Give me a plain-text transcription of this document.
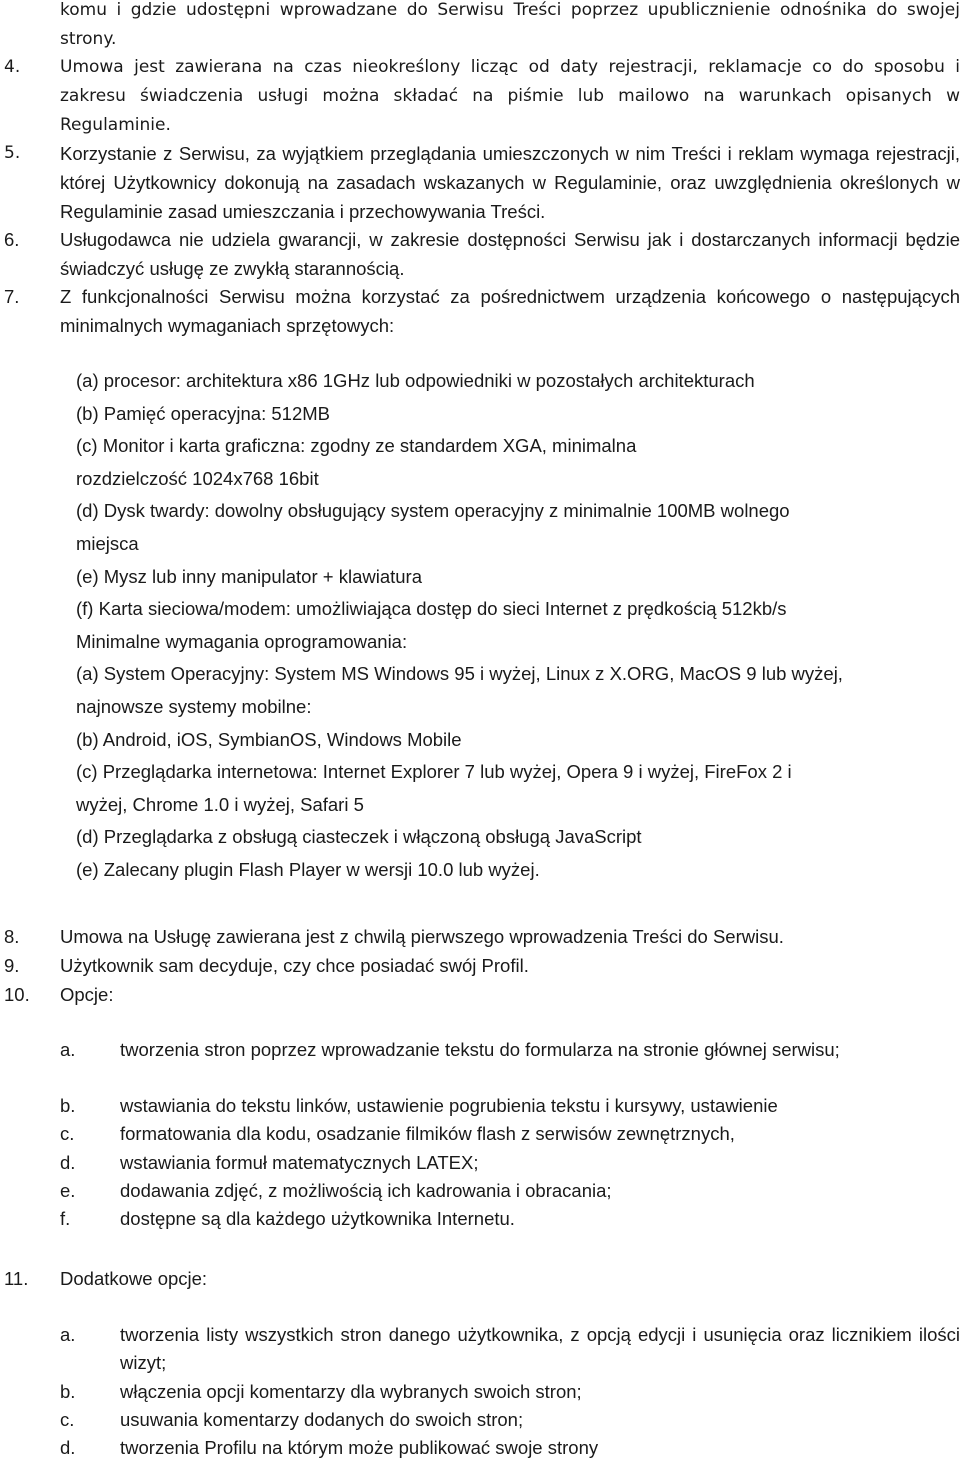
komu i gdzie udostępni wprowadzane do Serwisu Treści poprzez upublicznienie odnośnika do swojej strony.
4. Umowa jest zawierana na czas nieokreślony licząc od daty rejestracji, reklamacje co do sposobu i zakresu świadczenia usługi można składać na piśmie lub mailowo na warunkach opisanych w Regulaminie.
5. Korzystanie z Serwisu, za wyjątkiem przeglądania umieszczonych w nim Treści i reklam wymaga rejestracji, której Użytkownicy dokonują na zasadach wskazanych w Regulaminie, oraz uwzględnienia określonych w Regulaminie zasad umieszczania i przechowywania Treści.
6. Usługodawca nie udziela gwarancji, w zakresie dostępności Serwisu jak i dostarczanych informacji będzie świadczyć usługę ze zwykłą starannością.
7. Z funkcjonalności Serwisu można korzystać za pośrednictwem urządzenia końcowego o następujących minimalnych wymaganiach sprzętowych:
(a) procesor: architektura x86 1GHz lub odpowiedniki w pozostałych architekturach
(b) Pamięć operacyjna: 512MB
(c) Monitor i karta graficzna: zgodny ze standardem XGA, minimalna
rozdzielczość 1024x768 16bit
(d) Dysk twardy: dowolny obsługujący system operacyjny z minimalnie 100MB wolnego
miejsca
(e) Mysz lub inny manipulator + klawiatura
(f) Karta sieciowa/modem: umożliwiająca dostęp do sieci Internet z prędkością 512kb/s
Minimalne wymagania oprogramowania:
(a) System Operacyjny: System MS Windows 95 i wyżej, Linux z X.ORG, MacOS 9 lub wyżej,
najnowsze systemy mobilne:
(b) Android, iOS, SymbianOS, Windows Mobile
(c) Przeglądarka internetowa: Internet Explorer 7 lub wyżej, Opera 9 i wyżej, FireFox 2 i
wyżej, Chrome 1.0 i wyżej, Safari 5
(d) Przeglądarka z obsługą ciasteczek i włączoną obsługą JavaScript
(e) Zalecany plugin Flash Player w wersji 10.0 lub wyżej.
8. Umowa na Usługę zawierana jest z chwilą pierwszego wprowadzenia Treści do Serwisu.
9. Użytkownik sam decyduje, czy chce posiadać swój Profil.
10. Opcje:
a. tworzenia stron poprzez wprowadzanie tekstu do formularza na stronie głównej serwisu;
b. wstawiania do tekstu linków, ustawienie pogrubienia tekstu i kursywy, ustawienie
c. formatowania dla kodu, osadzanie filmików flash z serwisów zewnętrznych,
d. wstawiania formuł matematycznych LATEX;
e. dodawania zdjęć, z możliwością ich kadrowania i obracania;
f.	dostępne są dla każdego użytkownika Internetu.
11. Dodatkowe opcje:
a. tworzenia listy wszystkich stron danego użytkownika, z opcją edycji i usunięcia oraz licznikiem ilości wizyt;
b. włączenia opcji komentarzy dla wybranych swoich stron;
c. usuwania komentarzy dodanych do swoich stron;
d. tworzenia Profilu na którym może publikować swoje strony
